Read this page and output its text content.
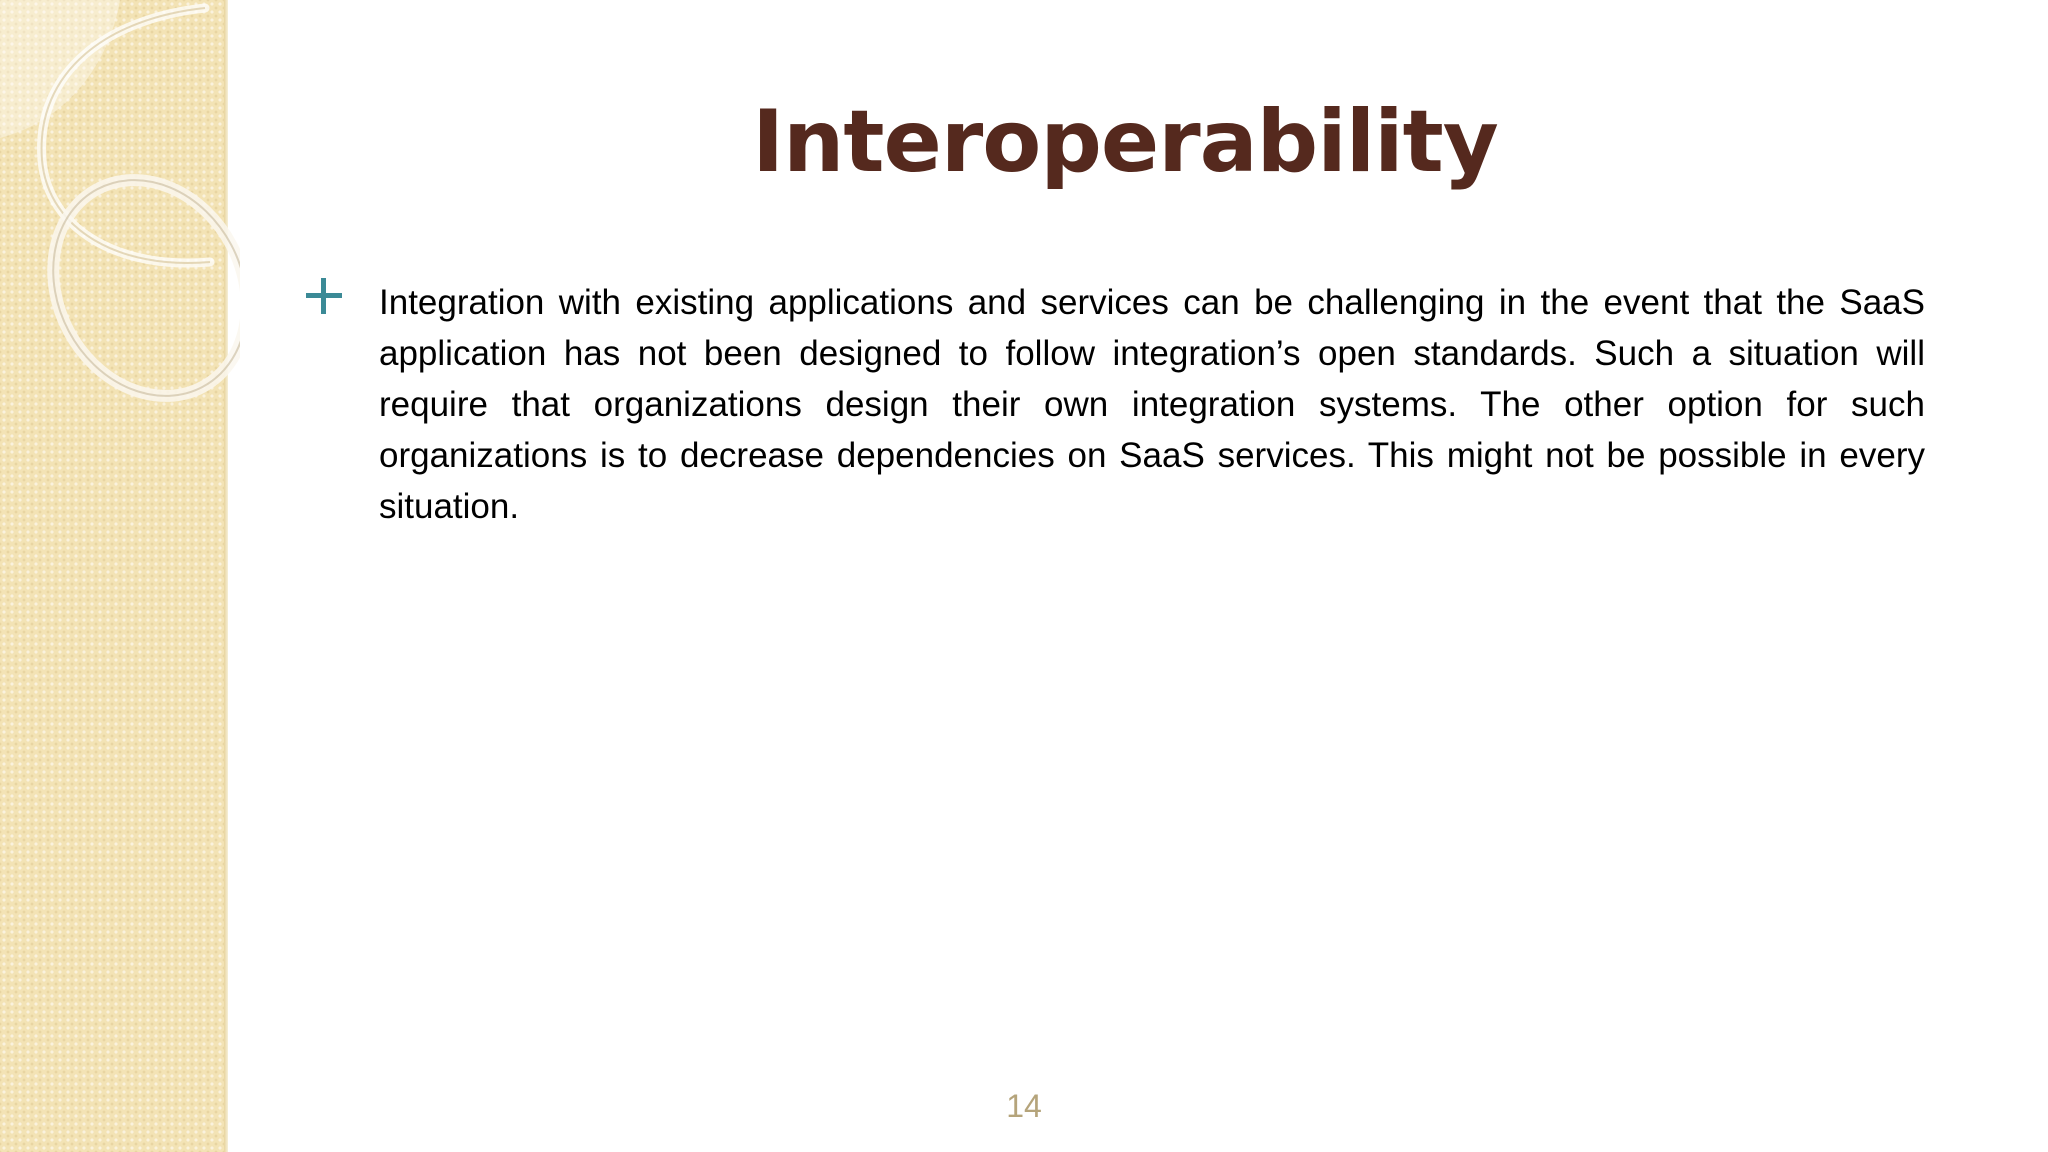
Interoperability
Integration with existing applications and services can be challenging in the event that the SaaS application has not been designed to follow integration’s open standards. Such a situation will require that organizations design their own integration systems. The other option for such organizations is to decrease dependencies on SaaS services. This might not be possible in every situation.
14
